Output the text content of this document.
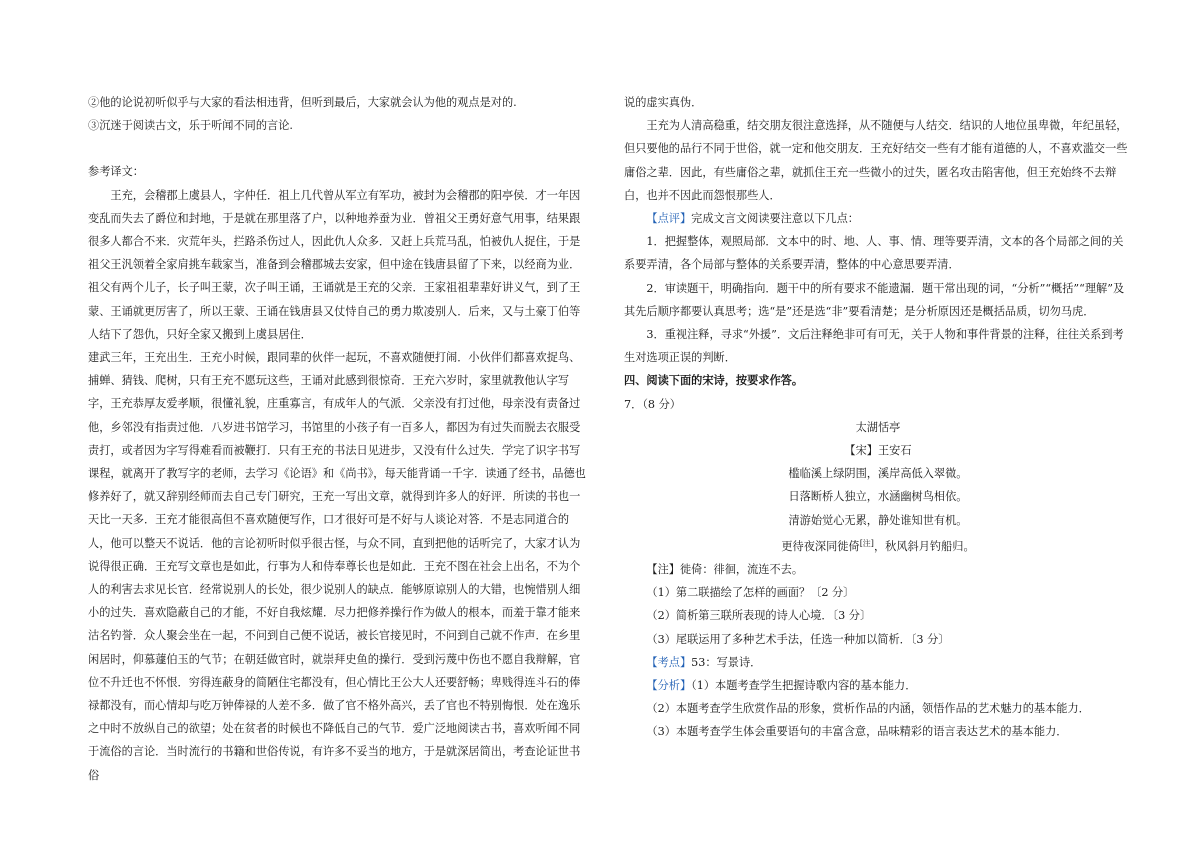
②他的论说初听似乎与大家的看法相违背，但听到最后，大家就会认为他的观点是对的.

③沉迷于阅读古文，乐于听闻不同的言论.

参考译文：

王充，会稽郡上虞县人，字仲任．祖上几代曾从军立有军功，被封为会稽郡的阳亭侯．才一年因变乱而失去了爵位和封地，于是就在那里落了户，以种地养蚕为业．曾祖父王勇好意气用事，结果跟很多人都合不来．灾荒年头，拦路杀伤过人，因此仇人众多．又赶上兵荒马乱，怕被仇人捉住，于是祖父王汎领着全家肩挑车载家当，准备到会稽郡城去安家，但中途在钱唐县留了下来，以经商为业．祖父有两个儿子，长子叫王蒙，次子叫王诵，王诵就是王充的父亲．王家祖祖辈辈好讲义气，到了王蒙、王诵就更厉害了，所以王蒙、王诵在钱唐县又仗恃自己的勇力欺凌别人．后来，又与土豪丁伯等人结下了怨仇，只好全家又搬到上虞县居住．

建武三年，王充出生．王充小时候，跟同辈的伙伴一起玩，不喜欢随便打闹．小伙伴们都喜欢捉鸟、捕蝉、猜钱、爬树，只有王充不愿玩这些，王诵对此感到很惊奇．王充六岁时，家里就教他认字写字，王充恭厚友爱孝顺，很懂礼貌，庄重寡言，有成年人的气派．父亲没有打过他，母亲没有责备过他，乡邻没有指责过他．八岁进书馆学习，书馆里的小孩子有一百多人，都因为有过失而脱去衣服受责打，或者因为字写得难看而被鞭打．只有王充的书法日见进步，又没有什么过失．学完了识字书写课程，就离开了教写字的老师，去学习《论语》和《尚书》，每天能背诵一千字．读通了经书，品德也修养好了，就又辞别经师而去自己专门研究，王充一写出文章，就得到许多人的好评．所读的书也一天比一天多．王充才能很高但不喜欢随便写作，口才很好可是不好与人谈论对答．不是志同道合的人，他可以整天不说话．他的言论初听时似乎很古怪，与众不同，直到把他的话听完了，大家才认为说得很正确．王充写文章也是如此，行事为人和侍奉尊长也是如此．王充不图在社会上出名，不为个人的利害去求见长官．经常说别人的长处，很少说别人的缺点．能够原谅别人的大错，也惋惜别人细小的过失．喜欢隐蔽自己的才能，不好自我炫耀．尽力把修养操行作为做人的根本，而羞于靠才能来沽名钓誉．众人聚会坐在一起，不问到自己便不说话，被长官接见时，不问到自己就不作声．在乡里闲居时，仰慕蘧伯玉的气节；在朝廷做官时，就崇拜史鱼的操行．受到污蔑中伤也不愿自我辩解，官位不升迁也不怀恨．穷得连蔽身的简陋住宅都没有，但心情比王公大人还要舒畅；卑贱得连斗石的俸禄都没有，而心情却与吃万钟俸禄的人差不多．做了官不格外高兴，丢了官也不特别悔恨．处在逸乐之中时不放纵自己的欲望；处在贫者的时候也不降低自己的气节．爱广泛地阅读古书，喜欢听闻不同于流俗的言论．当时流行的书籍和世俗传说，有许多不妥当的地方，于是就深居简出，考查论证世书俗

说的虚实真伪．

王充为人清高稳重，结交朋友很注意选择，从不随便与人结交．结识的人地位虽卑微，年纪虽轻，但只要他的品行不同于世俗，就一定和他交朋友．王充好结交一些有才能有道德的人，不喜欢滥交一些庸俗之辈．因此，有些庸俗之辈，就抓住王充一些微小的过失，匿名攻击陷害他，但王充始终不去辩白，也并不因此而怨恨那些人．

【点评】完成文言文阅读要注意以下几点：

1．把握整体，观照局部．文本中的时、地、人、事、情、理等要弄清，文本的各个局部之间的关系要弄清，各个局部与整体的关系要弄清，整体的中心意思要弄清．

2．审读题干，明确指向．题干中的所有要求不能遗漏．题干常出现的词，“分析”“概括”“理解”及其先后顺序都要认真思考；选“是”还是选“非”要看清楚；是分析原因还是概括品质，切勿马虎．

3．重视注释，寻求“外援”．文后注释绝非可有可无，关于人物和事件背景的注释，往往关系到考生对选项正误的判断．

四、阅读下面的宋诗，按要求作答。

7．（8 分）

太湖恬亭

【宋】王安石

槛临溪上绿阴围，溪岸高低入翠微。

日落断桥人独立，水涵幽树鸟相依。

清游始觉心无累，静处谁知世有机。

更待夜深同徙倚[注]，秋风斜月钓船归。

【注】徙倚：徘徊，流连不去。

（1）第二联描绘了怎样的画面？〔2 分〕

（2）简析第三联所表现的诗人心境．〔3 分〕

（3）尾联运用了多种艺术手法，任选一种加以简析．〔3 分〕

【考点】53：写景诗．

【分析】（1）本题考查学生把握诗歌内容的基本能力．

（2）本题考查学生欣赏作品的形象，赏析作品的内涵，领悟作品的艺术魅力的基本能力．

（3）本题考查学生体会重要语句的丰富含意，品味精彩的语言表达艺术的基本能力．
